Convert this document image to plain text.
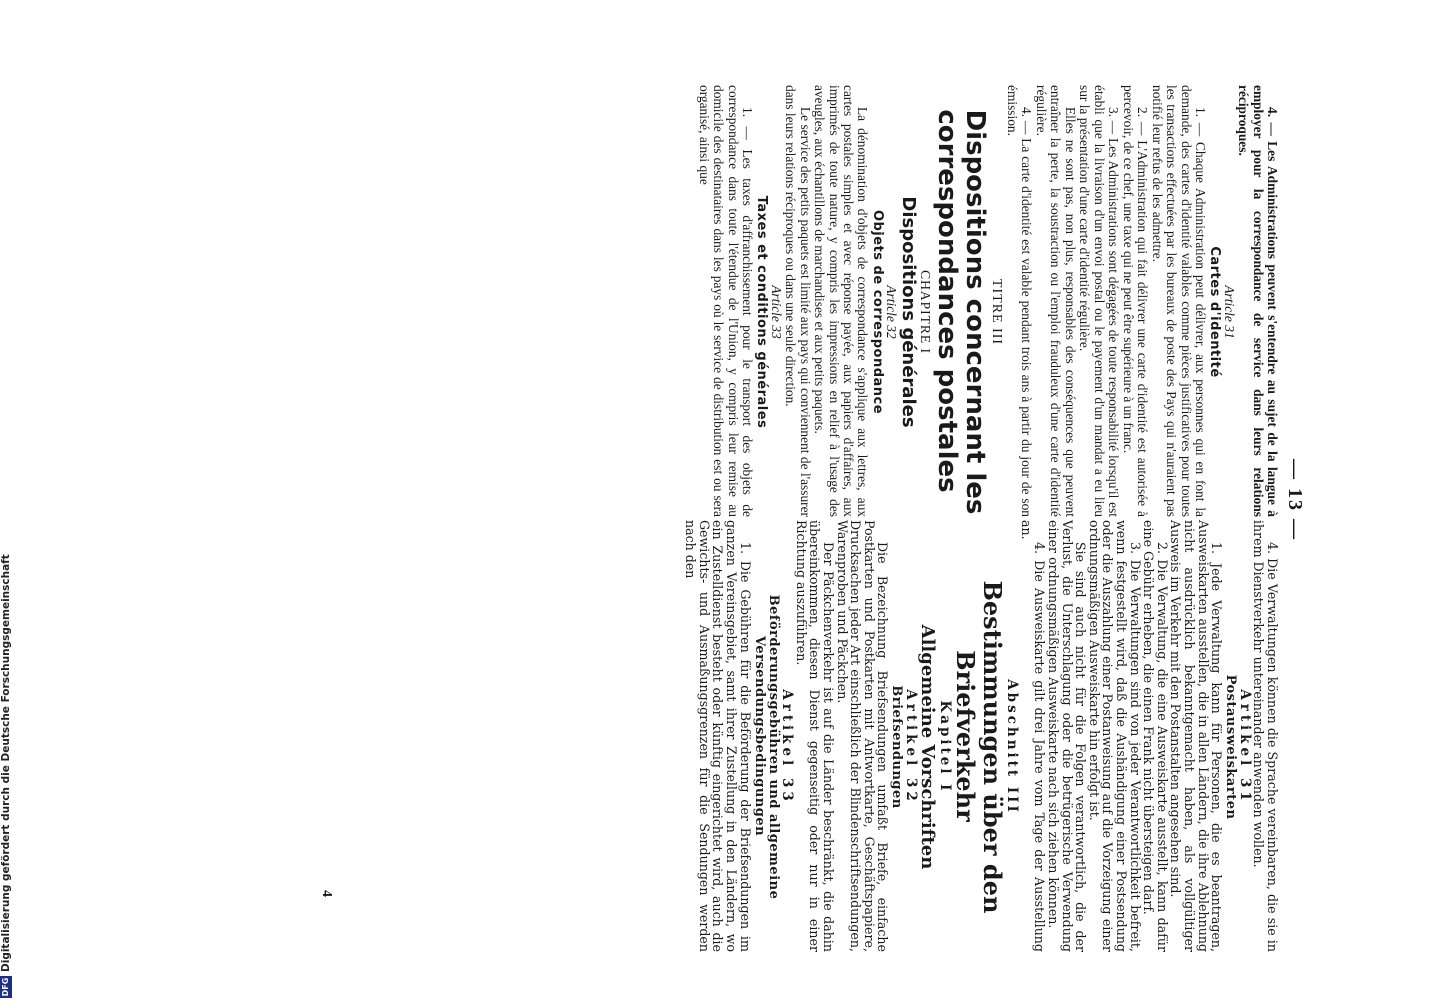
— 13 —

4. — Les Administrations peuvent s'entendre au sujet de la langue à employer pour la correspondance de service dans leurs relations réciproques.

Article 31

Cartes d'identité

1. — Chaque Administration peut délivrer, aux personnes qui en font la demande, des cartes d'identité valables comme pièces justificatives pour toutes les transactions effectuées par les bureaux de poste des Pays qui n'auraient pas notifié leur refus de les admettre.

2. — L'Administration qui fait délivrer une carte d'identité est autorisée à percevoir, de ce chef, une taxe qui ne peut être supérieure à un franc.

3. — Les Administrations sont dégagées de toute responsabilité lorsqu'il est établi que la livraison d'un envoi postal ou le payement d'un mandat a eu lieu sur la présentation d'une carte d'identité régulière.

Elles ne sont pas, non plus, responsables des conséquences que peuvent entraîner la perte, la soustraction ou l'emploi frauduleux d'une carte d'identité régulière.

4. — La carte d'identité est valable pendant trois ans à partir du jour de son émission.

TITRE III

Dispositions concernant les correspondances postales

CHAPITRE I

Dispositions générales

Article 32

Objets de correspondance

La dénomination d'objets de correspondance s'applique aux lettres, aux cartes postales simples et avec réponse payée, aux papiers d'affaires, aux imprimés de toute nature, y compris les impressions en relief à l'usage des aveugles, aux échantillons de marchandises et aux petits paquets.

Le service des petits paquets est limité aux pays qui conviennent de l'assurer dans leurs relations réciproques ou dans une seule direction.

Article 33

Taxes et conditions générales

1. — Les taxes d'affranchissement pour le transport des objets de correspondance dans toute l'étendue de l'Union, y compris leur remise au domicile des destinataires dans les pays où le service de distribution est ou sera organisé, ainsi que

4. Die Verwaltungen können die Sprache vereinbaren, die sie in ihrem Dienstverkehr untereinander anwenden wollen.

Artikel 31

Postausweiskarten

1. Jede Verwaltung kann für Personen, die es beantragen, Ausweiskarten ausstellen, die in allen Ländern, die ihre Ablehnung nicht ausdrücklich bekanntgemacht haben, als vollgültiger Ausweis im Verkehr mit den Postanstalten angesehen sind.

2. Die Verwaltung, die eine Ausweiskarte ausstellt, kann dafür eine Gebühr erheben, die einen Frank nicht übersteigen darf.

3. Die Verwaltungen sind von jeder Verantwortlichkeit befreit, wenn festgestellt wird, daß die Aushändigung einer Postsendung oder die Auszahlung einer Postanweisung auf die Vorzeigung einer ordnungsmäßigen Ausweiskarte hin erfolgt ist.

Sie sind auch nicht für die Folgen verantwortlich, die der Verlust, die Unterschlagung oder die betrügerische Verwendung einer ordnungsmäßigen Ausweiskarte nach sich ziehen können.

4. Die Ausweiskarte gilt drei Jahre vom Tage der Ausstellung an.

Abschnitt III

Bestimmungen über den Briefverkehr

Kapitel I

Allgemeine Vorschriften

Artikel 32

Briefsendungen

Die Bezeichnung Briefsendungen umfaßt Briefe, einfache Postkarten und Postkarten mit Antwortkarte, Geschäftspapiere, Drucksachen jeder Art einschließlich der Blindenschriftsendungen, Warenproben und Päckchen.

Der Päckchenverkehr ist auf die Länder beschränkt, die dahin übereinkommen, diesen Dienst gegenseitig oder nur in einer Richtung auszuführen.

Artikel 33

Beförderungsgebühren und allgemeine Versendungsbedingungen

1. Die Gebühren für die Beförderung der Briefsendungen im ganzen Vereinsgebiet, samt ihrer Zustellung in den Ländern, wo ein Zustelldienst besteht oder künftig eingerichtet wird, auch die Gewichts- und Ausmaßungsgrenzen für die Sendungen werden nach den

4
DFGDigitalisierung gefördert durch die Deutsche Forschungsgemeinschaft
